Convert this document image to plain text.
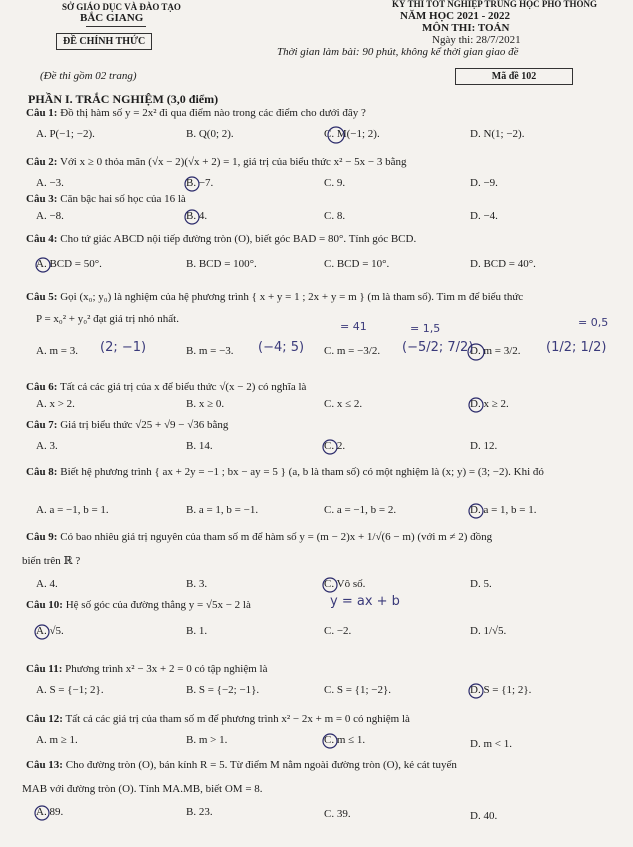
SỞ GIÁO DỤC VÀ ĐÀO TẠO
BẮC GIANG
KỲ THI TỐT NGHIỆP TRUNG HỌC PHỔ THÔNG
NĂM HỌC 2021 - 2022
MÔN THI: TOÁN
Ngày thi: 28/7/2021
Thời gian làm bài: 90 phút, không kể thời gian giao đề
ĐỀ CHÍNH THỨC
(Đề thi gồm 02 trang)	Mã đề 102
PHẦN I. TRẮC NGHIỆM (3,0 điểm)
Câu 1: Đồ thị hàm số y = 2x² đi qua điểm nào trong các điểm cho dưới đây ?
A. P(−1; −2).	B. Q(0; 2).	C. M(−1; 2).	D. N(1; −2).
Câu 2: Với x ≥ 0 thỏa mãn (√x − 2)(√x + 2) = 1, giá trị của biểu thức x² − 5x − 3 bằng
A. −3.	B. −7.	C. 9.	D. −9.
Câu 3: Căn bậc hai số học của 16 là
A. −8.	B. 4.	C. 8.	D. −4.
Câu 4: Cho tứ giác ABCD nội tiếp đường tròn (O), biết góc BAD = 80°. Tính góc BCD.
A. BCD = 50°.	B. BCD = 100°.	C. BCD = 10°.	D. BCD = 40°.
Câu 5: Gọi (x₀; y₀) là nghiệm của hệ phương trình { x + y = 1 ; 2x + y = m } (m là tham số). Tìm m để biểu thức
P = x₀² + y₀² đạt giá trị nhỏ nhất.
A. m = 3.	B. m = −3.	C. m = −3/2.	D. m = 3/2.
(2; −1)	(−4; 5)	(−5/2; 7/2)	(1/2; 1/2)
= 41	= 1,5	= 0,5
Câu 6: Tất cả các giá trị của x để biểu thức √(x − 2) có nghĩa là
A. x > 2.	B. x ≥ 0.	C. x ≤ 2.	D. x ≥ 2.
Câu 7: Giá trị biểu thức √25 + √9 − √36 bằng
A. 3.	B. 14.	C. 2.	D. 12.
Câu 8: Biết hệ phương trình { ax + 2y = −1 ; bx − ay = 5 } (a, b là tham số) có một nghiệm là (x; y) = (3; −2). Khi đó
A. a = −1, b = 1.	B. a = 1, b = −1.	C. a = −1, b = 2.	D. a = 1, b = 1.
Câu 9: Có bao nhiêu giá trị nguyên của tham số m để hàm số y = (m − 2)x + 1/√(6 − m) (với m ≠ 2) đồng
biến trên ℝ ?
A. 4.	B. 3.	C. Vô số.	D. 5.
Câu 10: Hệ số góc của đường thẳng y = √5x − 2 là	y = ax + b
A. √5.	B. 1.	C. −2.	D. 1/√5.
Câu 11: Phương trình x² − 3x + 2 = 0 có tập nghiệm là
A. S = {−1; 2}.	B. S = {−2; −1}.	C. S = {1; −2}.	D. S = {1; 2}.
Câu 12: Tất cả các giá trị của tham số m để phương trình x² − 2x + m = 0 có nghiệm là
A. m ≥ 1.	B. m > 1.	C. m ≤ 1.	D. m < 1.
Câu 13: Cho đường tròn (O), bán kính R = 5. Từ điểm M nằm ngoài đường tròn (O), kẻ cát tuyến
MAB với đường tròn (O). Tính MA.MB, biết OM = 8.
A. 89.	B. 23.	C. 39.	D. 40.
